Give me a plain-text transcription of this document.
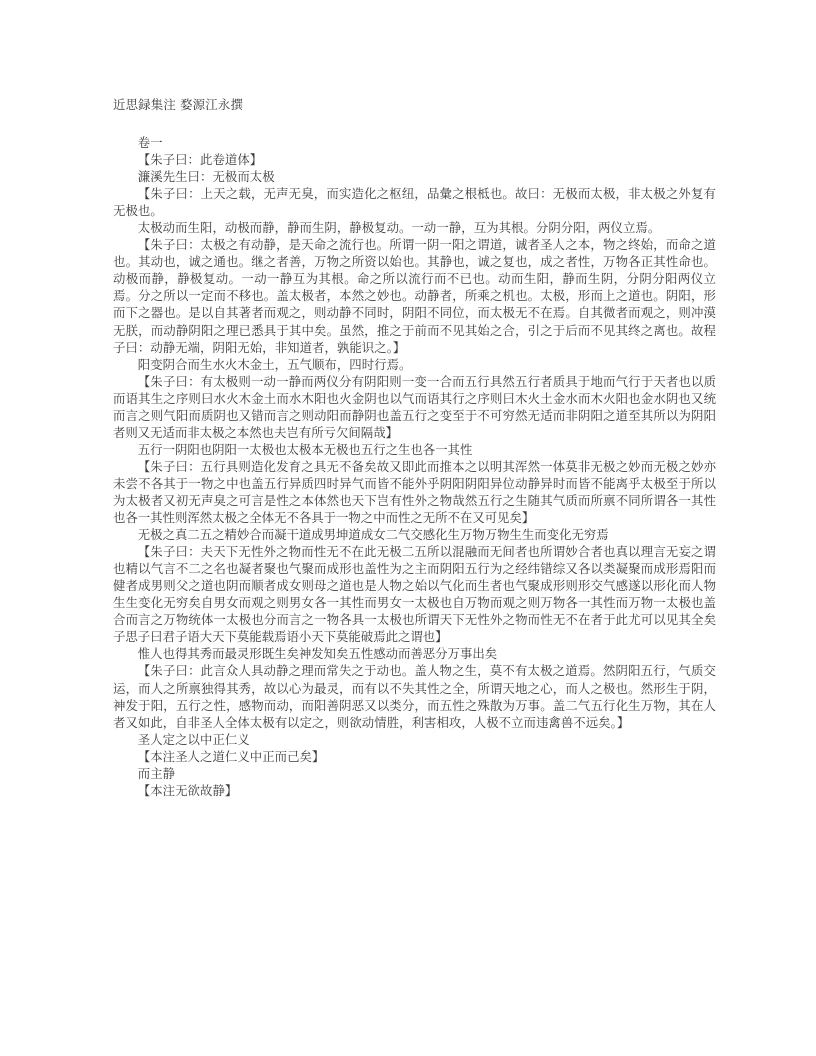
近思録集注 婺源江永撰

卷一

【朱子曰：此卷道体】

濂溪先生曰：无极而太极

【朱子曰：上天之载，无声无臭，而实造化之枢纽，品彙之根柢也。故曰：无极而太极，非太极之外复有无极也。

太极动而生阳，动极而静，静而生阴，静极复动。一动一静，互为其根。分阴分阳，两仪立焉。

【朱子曰：太极之有动静，是天命之流行也。所谓一阴一阳之谓道，诚者圣人之本，物之终始，而命之道也。其动也，诚之通也。继之者善，万物之所资以始也。其静也，诚之复也，成之者性，万物各正其性命也。动极而静，静极复动。一动一静互为其根。命之所以流行而不已也。动而生阳，静而生阴，分阴分阳两仪立焉。分之所以一定而不移也。盖太极者，本然之妙也。动静者，所乘之机也。太极，形而上之道也。阴阳，形而下之器也。是以自其著者而观之，则动静不同时，阴阳不同位，而太极无不在焉。自其微者而观之，则冲漠无朕，而动静阴阳之理已悉具于其中矣。虽然，推之于前而不见其始之合，引之于后而不见其终之离也。故程子曰：动静无端，阴阳无始，非知道者，孰能识之。】

阳变阴合而生水火木金土，五气顺布，四时行焉。

【朱子曰：有太极则一动一静而两仪分有阴阳则一变一合而五行具然五行者质具于地而气行于天者也以质而语其生之序则曰水火木金土而水木阳也火金阴也以气而语其行之序则曰木火土金水而木火阳也金水阴也又统而言之则气阳而质阴也又错而言之则动阳而静阴也盖五行之变至于不可穷然无适而非阴阳之道至其所以为阴阳者则又无适而非太极之本然也夫岂有所亏欠间隔哉】

五行一阴阳也阴阳一太极也太极本无极也五行之生也各一其性

【朱子曰：五行具则造化发育之具无不备矣故又即此而推本之以明其浑然一体莫非无极之妙而无极之妙亦未尝不各其于一物之中也盖五行异质四时异气而皆不能外乎阴阳阴阳异位动静异时而皆不能离乎太极至于所以为太极者又初无声臭之可言是性之本体然也天下岂有性外之物哉然五行之生随其气质而所禀不同所谓各一其性也各一其性则浑然太极之全体无不各具于一物之中而性之无所不在又可见矣】

无极之真二五之精妙合而凝干道成男坤道成女二气交感化生万物万物生生而变化无穷焉

【朱子曰：夫天下无性外之物而性无不在此无极二五所以混融而无间者也所谓妙合者也真以理言无妄之谓也精以气言不二之名也凝者聚也气聚而成形也盖性为之主而阴阳五行为之经纬错综又各以类凝聚而成形焉阳而健者成男则父之道也阴而顺者成女则母之道也是人物之始以气化而生者也气聚成形则形交气感遂以形化而人物生生变化无穷矣自男女而观之则男女各一其性而男女一太极也自万物而观之则万物各一其性而万物一太极也盖合而言之万物统体一太极也分而言之一物各具一太极也所谓天下无性外之物而性无不在者于此尤可以见其全矣子思子曰君子语大天下莫能载焉语小天下莫能破焉此之谓也】

惟人也得其秀而最灵形既生矣神发知矣五性感动而善恶分万事出矣

【朱子曰：此言众人具动静之理而常失之于动也。盖人物之生，莫不有太极之道焉。然阴阳五行，气质交运，而人之所禀独得其秀，故以心为最灵，而有以不失其性之全，所谓天地之心，而人之极也。然形生于阴，神发于阳，五行之性，感物而动，而阳善阴恶又以类分，而五性之殊散为万事。盖二气五行化生万物，其在人者又如此，自非圣人全体太极有以定之，则欲动情胜，利害相攻，人极不立而违禽兽不远矣。】

圣人定之以中正仁义

【本注圣人之道仁义中正而己矣】

而主静

【本注无欲故静】
